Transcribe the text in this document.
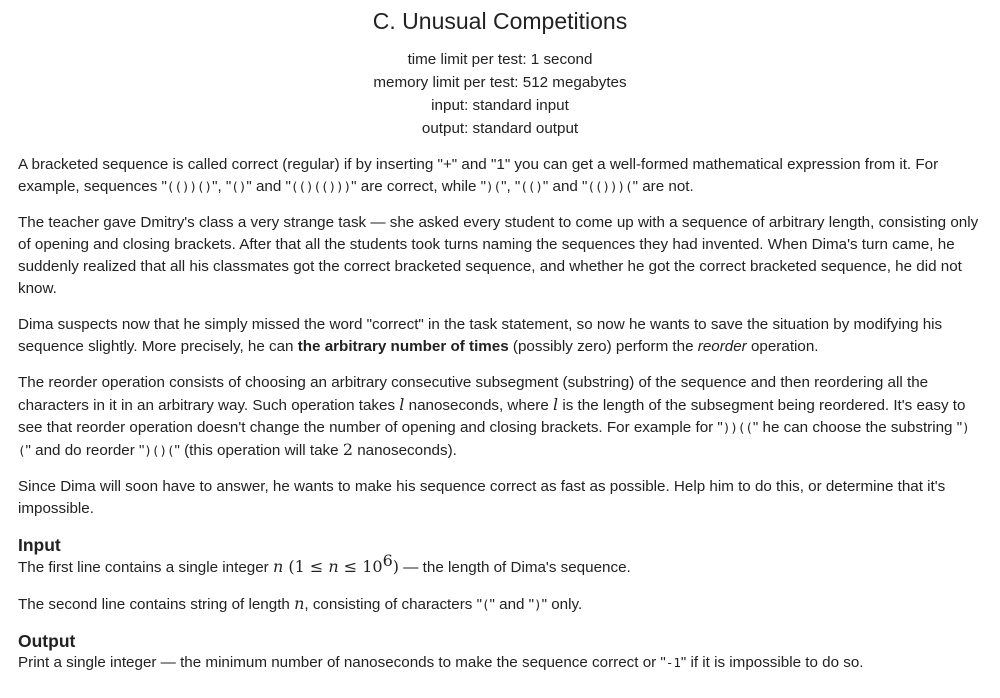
C. Unusual Competitions
time limit per test: 1 second
memory limit per test: 512 megabytes
input: standard input
output: standard output

A bracketed sequence is called correct (regular) if by inserting "+" and "1" you can get a well-formed mathematical expression from it. For example, sequences "(())()", "()" and "(()(()))" are correct, while ")(", "(()" and "(()))(" are not.

The teacher gave Dmitry's class a very strange task — she asked every student to come up with a sequence of arbitrary length, consisting only of opening and closing brackets. After that all the students took turns naming the sequences they had invented. When Dima's turn came, he suddenly realized that all his classmates got the correct bracketed sequence, and whether he got the correct bracketed sequence, he did not know.

Dima suspects now that he simply missed the word "correct" in the task statement, so now he wants to save the situation by modifying his sequence slightly. More precisely, he can the arbitrary number of times (possibly zero) perform the reorder operation.

The reorder operation consists of choosing an arbitrary consecutive subsegment (substring) of the sequence and then reordering all the characters in it in an arbitrary way. Such operation takes l nanoseconds, where l is the length of the subsegment being reordered. It's easy to see that reorder operation doesn't change the number of opening and closing brackets. For example for "))((" he can choose the substring ")(" and do reorder ")()(" (this operation will take 2 nanoseconds).

Since Dima will soon have to answer, he wants to make his sequence correct as fast as possible. Help him to do this, or determine that it's impossible.

Input

The first line contains a single integer n $(1 \le n \le 10^6)$ — the length of Dima's sequence.

The second line contains string of length n, consisting of characters "(" and ")" only.

Output

Print a single integer — the minimum number of nanoseconds to make the sequence correct or "-1" if it is impossible to do so.
